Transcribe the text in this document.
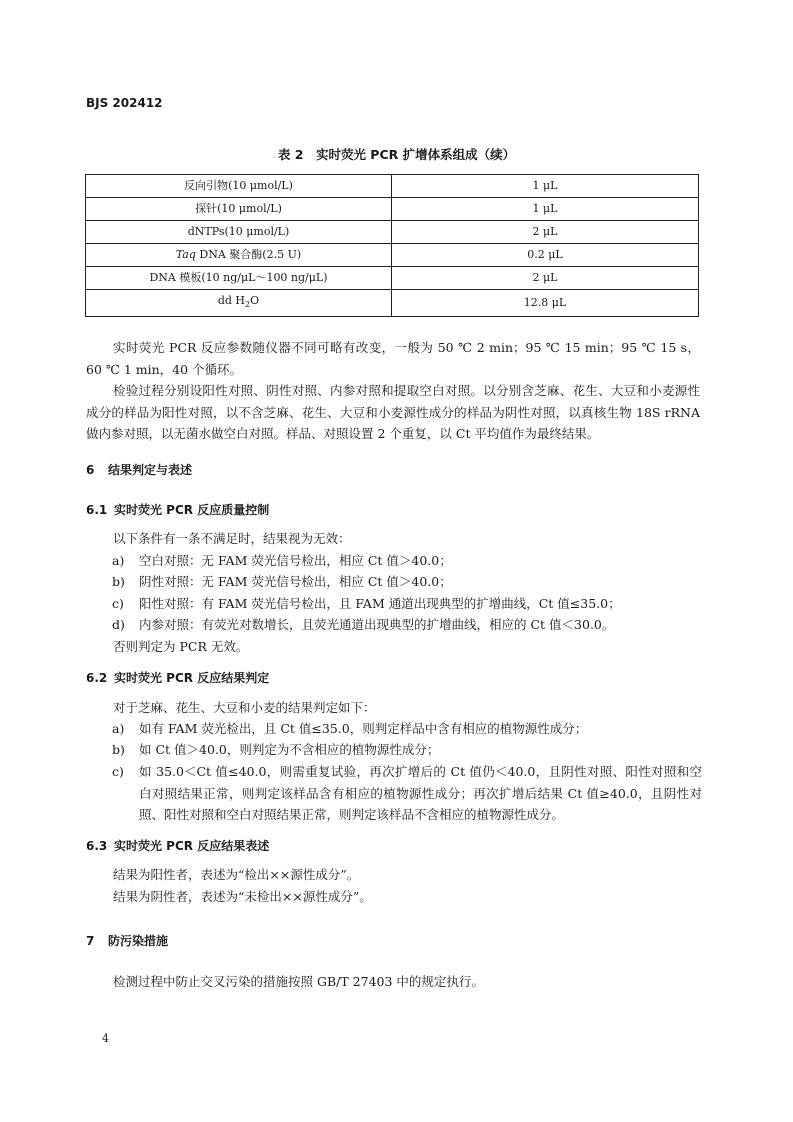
BJS 202412
表 2　实时荧光 PCR 扩增体系组成（续）
反向引物(10 μmol/L)	1 μL
探针(10 μmol/L)	1 μL
dNTPs(10 μmol/L)	2 μL
Taq DNA 聚合酶(2.5 U)	0.2 μL
DNA 模板(10 ng/μL～100 ng/μL)	2 μL
dd $H_2O$	12.8 μL

实时荧光 PCR 反应参数随仪器不同可略有改变，一般为 50 ℃ 2 min；95 ℃ 15 min；95 ℃ 15 s，60 ℃ 1 min，40 个循环。

检验过程分别设阳性对照、阴性对照、内参对照和提取空白对照。以分别含芝麻、花生、大豆和小麦源性成分的样品为阳性对照，以不含芝麻、花生、大豆和小麦源性成分的样品为阴性对照，以真核生物 18S rRNA 做内参对照，以无菌水做空白对照。样品、对照设置 2 个重复，以 Ct 平均值作为最终结果。

6 结果判定与表述
6.1 实时荧光 PCR 反应质量控制

以下条件有一条不满足时，结果视为无效：

a) 空白对照：无 FAM 荧光信号检出，相应 Ct 值＞40.0；
b) 阴性对照：无 FAM 荧光信号检出，相应 Ct 值＞40.0；
c) 阳性对照：有 FAM 荧光信号检出，且 FAM 通道出现典型的扩增曲线，Ct 值≤35.0；
d) 内参对照：有荧光对数增长，且荧光通道出现典型的扩增曲线，相应的 Ct 值＜30.0。

否则判定为 PCR 无效。

6.2 实时荧光 PCR 反应结果判定

对于芝麻、花生、大豆和小麦的结果判定如下：

a) 如有 FAM 荧光检出，且 Ct 值≤35.0，则判定样品中含有相应的植物源性成分；
b) 如 Ct 值＞40.0，则判定为不含相应的植物源性成分；
c) 如 35.0＜Ct 值≤40.0，则需重复试验，再次扩增后的 Ct 值仍＜40.0，且阴性对照、阳性对照和空白对照结果正常，则判定该样品含有相应的植物源性成分；再次扩增后结果 Ct 值≥40.0，且阴性对照、阳性对照和空白对照结果正常，则判定该样品不含相应的植物源性成分。
6.3 实时荧光 PCR 反应结果表述

结果为阳性者，表述为“检出××源性成分”。

结果为阴性者，表述为“未检出××源性成分”。

7 防污染措施

检测过程中防止交叉污染的措施按照 GB/T 27403 中的规定执行。

4
